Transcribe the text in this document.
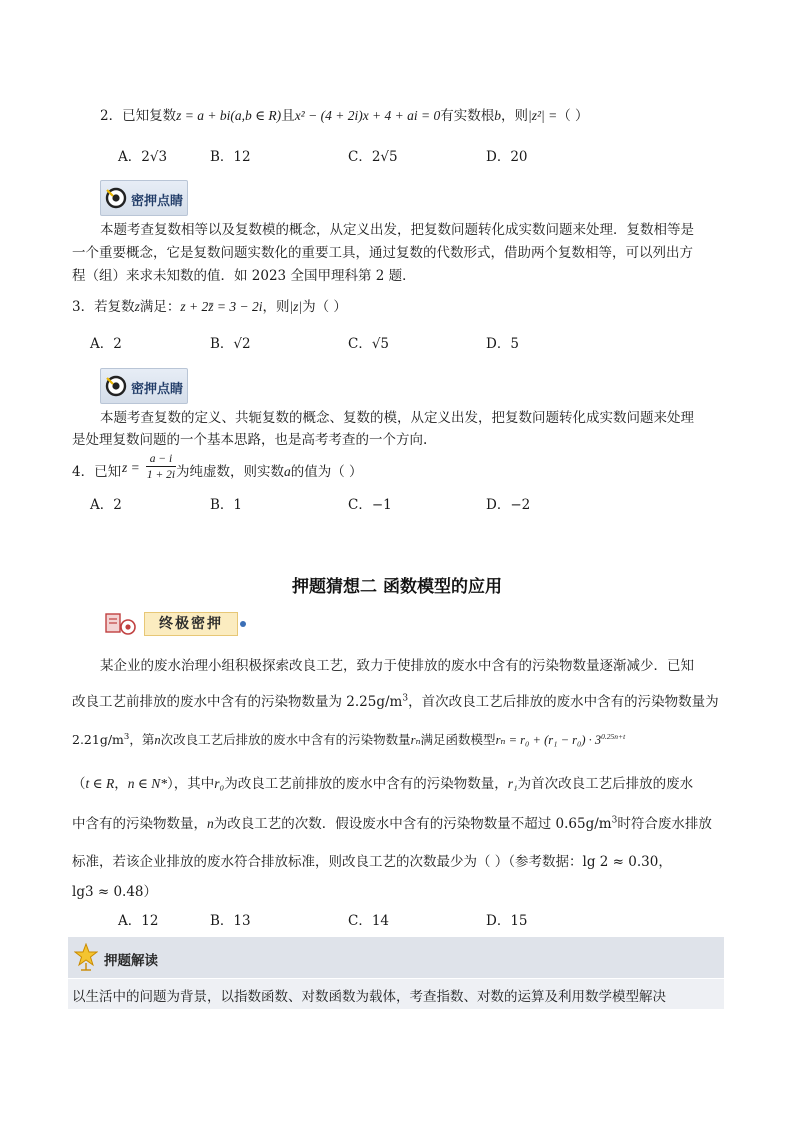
2．已知复数z = a + bi(a,b ∈ R)且x² − (4 + 2i)x + 4 + ai = 0有实数根b，则|z²| =（ ）
A．2√3	B．12	C．2√5	D．20
密押点睛
本题考查复数相等以及复数模的概念，从定义出发，把复数问题转化成实数问题来处理．复数相等是
一个重要概念，它是复数问题实数化的重要工具，通过复数的代数形式，借助两个复数相等，可以列出方
程（组）来求未知数的值．如 2023 全国甲理科第 2 题．
3．若复数z满足：z + 2z̄ = 3 − 2i，则|z|为（ ）
A．2	B．√2	C．√5	D．5
密押点睛
本题考查复数的定义、共轭复数的概念、复数的模，从定义出发，把复数问题转化成实数问题来处理
是处理复数问题的一个基本思路，也是高考考查的一个方向.
4．已知 $z = \frac{a - i}{1 + 2i}$ 为纯虚数，则实数a的值为（ ）
A．2	B．1	C．−1	D．−2
押题猜想二 函数模型的应用
终极密押
某企业的废水治理小组积极探索改良工艺，致力于使排放的废水中含有的污染物数量逐渐减少．已知
改良工艺前排放的废水中含有的污染物数量为 $2.25g/m^3$，首次改良工艺后排放的废水中含有的污染物数量为
$2.21g/m^3$，第n次改良工艺后排放的废水中含有的污染物数量rₙ满足函数模型$r_n = r_0 + (r_1 - r_0) \cdot 3^{0.25n+t}$
（t ∈ R，n ∈ N*），其中r₀为改良工艺前排放的废水中含有的污染物数量，r₁为首次改良工艺后排放的废水
中含有的污染物数量，n为改良工艺的次数．假设废水中含有的污染物数量不超过 $0.65g/m^3$时符合废水排放
标准，若该企业排放的废水符合排放标准，则改良工艺的次数最少为（ ）（参考数据：lg 2 ≈ 0.30，
lg3 ≈ 0.48）
A．12	B．13	C．14	D．15
押题解读
以生活中的问题为背景，以指数函数、对数函数为载体，考查指数、对数的运算及利用数学模型解决
